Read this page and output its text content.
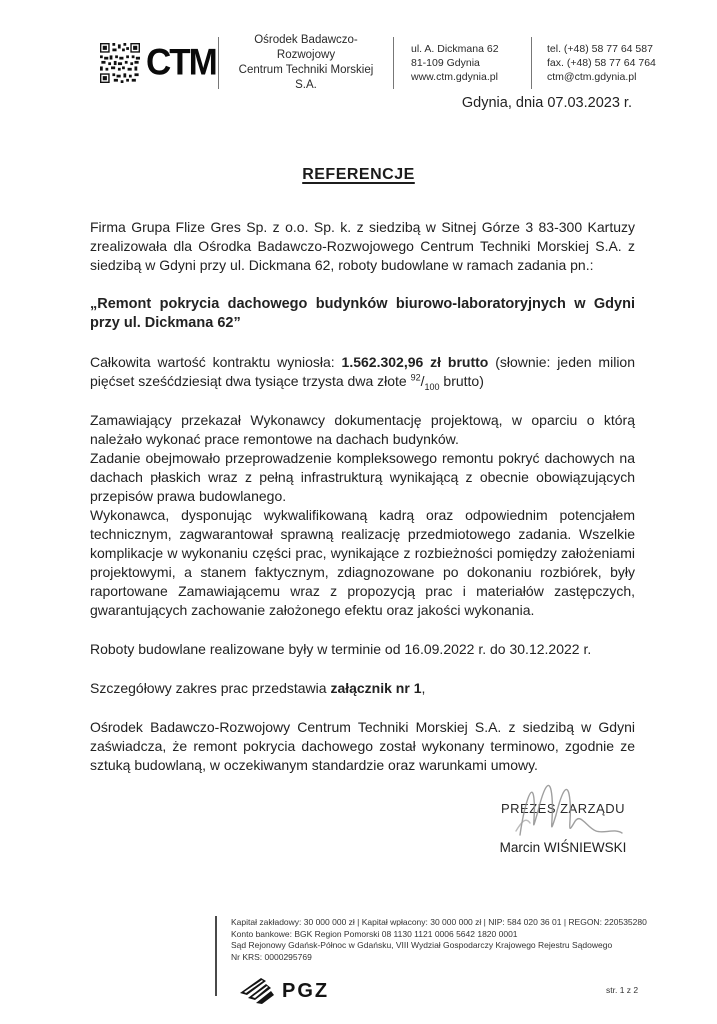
CTM
Ośrodek Badawczo-Rozwojowy
Centrum Techniki Morskiej S.A.
ul. A. Dickmana 62
81-109 Gdynia
www.ctm.gdynia.pl
tel. (+48) 58 77 64 587
fax. (+48) 58 77 64 764
ctm@ctm.gdynia.pl
Gdynia, dnia 07.03.2023 r.
REFERENCJE

Firma Grupa Flize Gres Sp. z o.o. Sp. k. z siedzibą w Sitnej Górze 3 83-300 Kartuzy zrealizowała dla Ośrodka Badawczo-Rozwojowego Centrum Techniki Morskiej S.A. z siedzibą w Gdyni przy ul. Dickmana 62, roboty budowlane w ramach zadania pn.:

„Remont pokrycia dachowego budynków biurowo-laboratoryjnych w Gdyni przy ul. Dickmana 62”

Całkowita wartość kontraktu wyniosła: 1.562.302,96 zł brutto (słownie: jeden milion pięćset sześćdziesiąt dwa tysiące trzysta dwa złote $^{92}/_{100}$ brutto)

Zamawiający przekazał Wykonawcy dokumentację projektową, w oparciu o którą należało wykonać prace remontowe na dachach budynków.

Zadanie obejmowało przeprowadzenie kompleksowego remontu pokryć dachowych na dachach płaskich wraz z pełną infrastrukturą wynikającą z obecnie obowiązujących przepisów prawa budowlanego.

Wykonawca, dysponując wykwalifikowaną kadrą oraz odpowiednim potencjałem technicznym, zagwarantował sprawną realizację przedmiotowego zadania. Wszelkie komplikacje w wykonaniu części prac, wynikające z rozbieżności pomiędzy założeniami projektowymi, a stanem faktycznym, zdiagnozowane po dokonaniu rozbiórek, były raportowane Zamawiającemu wraz z propozycją prac i materiałów zastępczych, gwarantujących zachowanie założonego efektu oraz jakości wykonania.

Roboty budowlane realizowane były w terminie od 16.09.2022 r. do 30.12.2022 r.

Szczegółowy zakres prac przedstawia załącznik nr 1,

Ośrodek Badawczo-Rozwojowy Centrum Techniki Morskiej S.A. z siedzibą w Gdyni zaświadcza, że remont pokrycia dachowego został wykonany terminowo, zgodnie ze sztuką budowlaną, w oczekiwanym standardzie oraz warunkami umowy.

PREZES ZARZĄDU
Marcin WIŚNIEWSKI
Kapitał zakładowy: 30 000 000 zł | Kapitał wpłacony: 30 000 000 zł | NIP: 584 020 36 01 | REGON: 220535280
Konto bankowe: BGK Region Pomorski 08 1130 1121 0006 5642 1820 0001
Sąd Rejonowy Gdańsk-Północ w Gdańsku, VIII Wydział Gospodarczy Krajowego Rejestru Sądowego
Nr KRS: 0000295769
PGZ	str. 1 z 2
